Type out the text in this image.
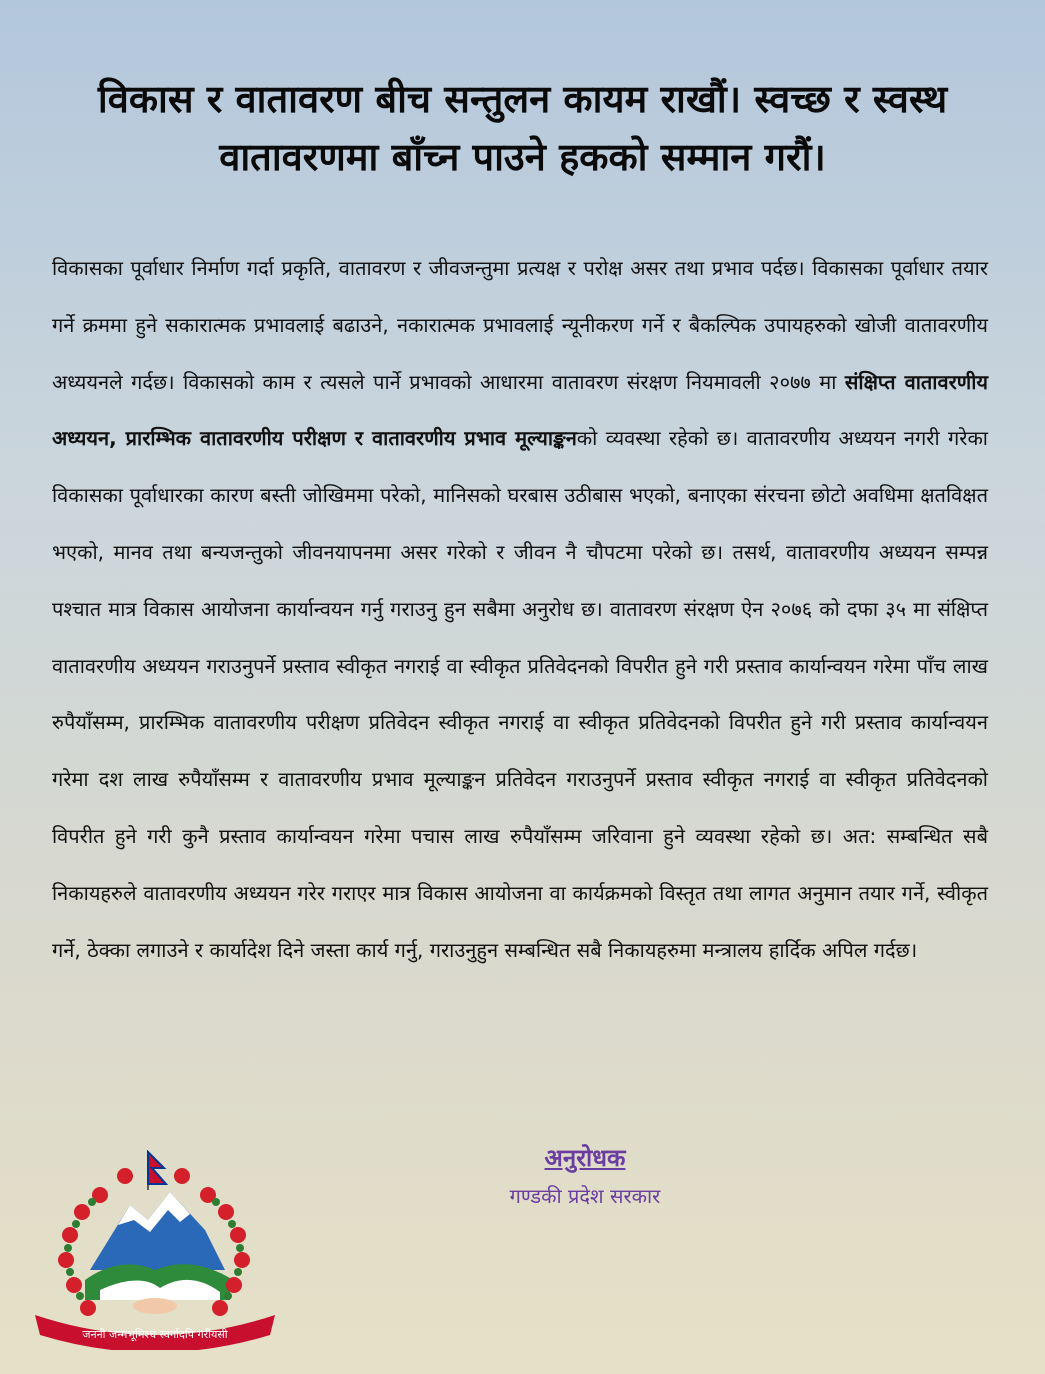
विकास र वातावरण बीच सन्तुलन कायम राखौं। स्वच्छ र स्वस्थ
वातावरणमा बाँच्न पाउने हकको सम्मान गरौं।

विकासका पूर्वाधार निर्माण गर्दा प्रकृति, वातावरण र जीवजन्तुमा प्रत्यक्ष र परोक्ष असर तथा प्रभाव पर्दछ। विकासका पूर्वाधार तयार गर्ने क्रममा हुने सकारात्मक प्रभावलाई बढाउने, नकारात्मक प्रभावलाई न्यूनीकरण गर्ने र बैकल्पिक उपायहरुको खोजी वातावरणीय अध्ययनले गर्दछ। विकासको काम र त्यसले पार्ने प्रभावको आधारमा वातावरण संरक्षण नियमावली २०७७ मा संक्षिप्त वातावरणीय अध्ययन, प्रारम्भिक वातावरणीय परीक्षण र वातावरणीय प्रभाव मूल्याङ्कनको व्यवस्था रहेको छ। वातावरणीय अध्ययन नगरी गरेका विकासका पूर्वाधारका कारण बस्ती जोखिममा परेको, मानिसको घरबास उठीबास भएको, बनाएका संरचना छोटो अवधिमा क्षतविक्षत भएको, मानव तथा बन्यजन्तुको जीवनयापनमा असर गरेको र जीवन नै चौपटमा परेको छ। तसर्थ, वातावरणीय अध्ययन सम्पन्न पश्चात मात्र विकास आयोजना कार्यान्वयन गर्नु गराउनु हुन सबैमा अनुरोध छ। वातावरण संरक्षण ऐन २०७६ को दफा ३५ मा संक्षिप्त वातावरणीय अध्ययन गराउनुपर्ने प्रस्ताव स्वीकृत नगराई वा स्वीकृत प्रतिवेदनको विपरीत हुने गरी प्रस्ताव कार्यान्वयन गरेमा पाँच लाख रुपैयाँसम्म, प्रारम्भिक वातावरणीय परीक्षण प्रतिवेदन स्वीकृत नगराई वा स्वीकृत प्रतिवेदनको विपरीत हुने गरी प्रस्ताव कार्यान्वयन गरेमा दश लाख रुपैयाँसम्म र वातावरणीय प्रभाव मूल्याङ्कन प्रतिवेदन गराउनुपर्ने प्रस्ताव स्वीकृत नगराई वा स्वीकृत प्रतिवेदनको विपरीत हुने गरी कुनै प्रस्ताव कार्यान्वयन गरेमा पचास लाख रुपैयाँसम्म जरिवाना हुने व्यवस्था रहेको छ। अत: सम्बन्धित सबै निकायहरुले वातावरणीय अध्ययन गरेर गराएर मात्र विकास आयोजना वा कार्यक्रमको विस्तृत तथा लागत अनुमान तयार गर्ने, स्वीकृत गर्ने, ठेक्का लगाउने र कार्यादेश दिने जस्ता कार्य गर्नु, गराउनुहुन सम्बन्धित सबै निकायहरुमा मन्त्रालय हार्दिक अपिल गर्दछ।

अनुरोधक
गण्डकी प्रदेश सरकार
जननी जन्मभूमिश्च स्वर्गादपि गरीयसी
